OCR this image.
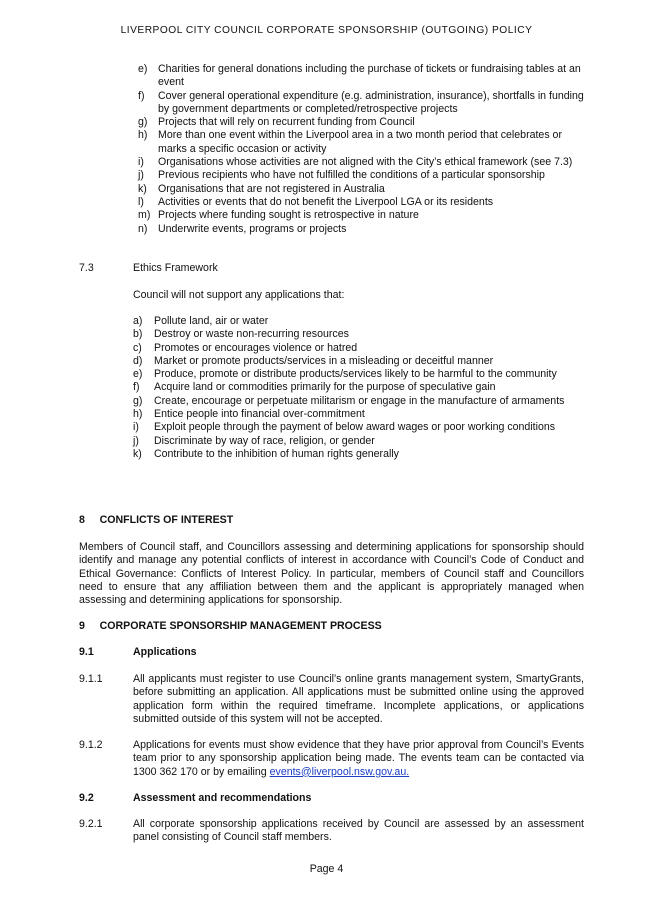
LIVERPOOL CITY COUNCIL CORPORATE SPONSORSHIP (OUTGOING) POLICY
e) Charities for general donations including the purchase of tickets or fundraising tables at an event
f) Cover general operational expenditure (e.g. administration, insurance), shortfalls in funding by government departments or completed/retrospective projects
g) Projects that will rely on recurrent funding from Council
h) More than one event within the Liverpool area in a two month period that celebrates or marks a specific occasion or activity
i) Organisations whose activities are not aligned with the City’s ethical framework (see 7.3)
j) Previous recipients who have not fulfilled the conditions of a particular sponsorship
k) Organisations that are not registered in Australia
l) Activities or events that do not benefit the Liverpool LGA or its residents
m) Projects where funding sought is retrospective in nature
n) Underwrite events, programs or projects
7.3	Ethics Framework
Council will not support any applications that:
a) Pollute land, air or water
b) Destroy or waste non-recurring resources
c) Promotes or encourages violence or hatred
d) Market or promote products/services in a misleading or deceitful manner
e) Produce, promote or distribute products/services likely to be harmful to the community
f) Acquire land or commodities primarily for the purpose of speculative gain
g) Create, encourage or perpetuate militarism or engage in the manufacture of armaments
h) Entice people into financial over-commitment
i) Exploit people through the payment of below award wages or poor working conditions
j) Discriminate by way of race, religion, or gender
k) Contribute to the inhibition of human rights generally
8     CONFLICTS OF INTEREST

Members of Council staff, and Councillors assessing and determining applications for sponsorship should identify and manage any potential conflicts of interest in accordance with Council’s Code of Conduct and Ethical Governance: Conflicts of Interest Policy. In particular, members of Council staff and Councillors need to ensure that any affiliation between them and the applicant is appropriately managed when assessing and determining applications for sponsorship.

9     CORPORATE SPONSORSHIP MANAGEMENT PROCESS
9.1	Applications
9.1.1	All applicants must register to use Council’s online grants management system, SmartyGrants, before submitting an application. All applications must be submitted online using the approved application form within the required timeframe. Incomplete applications, or applications submitted outside of this system will not be accepted.

9.1.2	Applications for events must show evidence that they have prior approval from Council’s Events team prior to any sponsorship application being made. The events team can be contacted via 1300 362 170 or by emailing events@liverpool.nsw.gov.au.

9.2	Assessment and recommendations
9.2.1	All corporate sponsorship applications received by Council are assessed by an assessment panel consisting of Council staff members.

Page 4
